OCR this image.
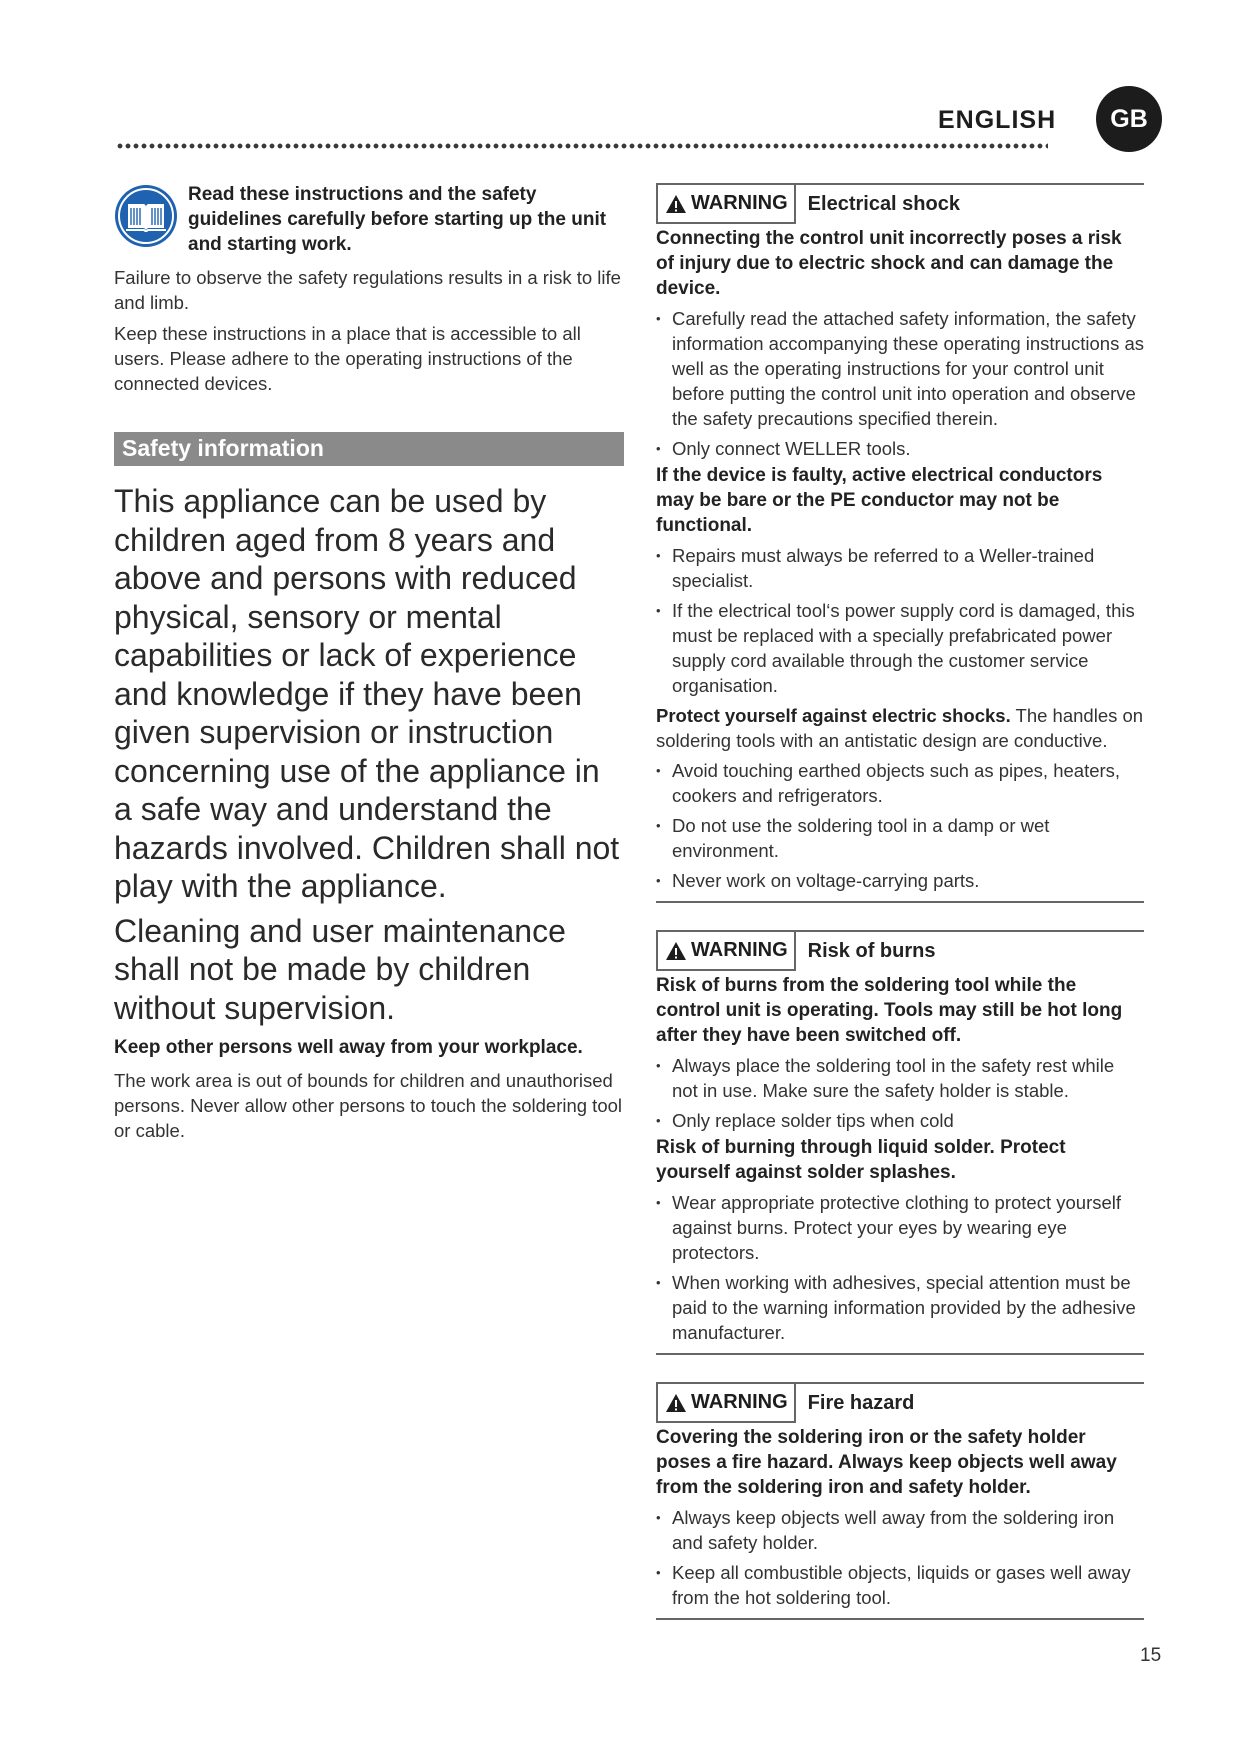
ENGLISH	GB
Read these instructions and the safety guidelines carefully before starting up the unit and starting work.

Failure to observe the safety regulations results in a risk to life and limb.

Keep these instructions in a place that is accessible to all users. Please adhere to the operating instructions of the connected devices.

Safety information
This appliance can be used by children aged from 8 years and above and persons with reduced physical, sensory or mental capabilities or lack of experience and knowledge if they have been given supervision or instruction concerning use of the appliance in a safe way and understand the hazards involved. Children shall not play with the appliance.
Cleaning and user maintenance shall not be made by children without supervision.
Keep other persons well away from your workplace.

The work area is out of bounds for children and unauthorised persons. Never allow other persons to touch the soldering tool or cable.

WARNING	Electrical shock
Connecting the control unit incorrectly poses a risk of injury due to electric shock and can damage the device.
• Carefully read the attached safety information, the safety information accompanying these operating instructions as well as the operating instructions for your control unit before putting the control unit into operation and observe the safety precautions specified therein.
• Only connect WELLER tools.
If the device is faulty, active electrical conductors may be bare or the PE conductor may not be functional.
• Repairs must always be referred to a Weller-trained specialist.
• If the electrical tool‘s power supply cord is damaged, this must be replaced with a specially prefabricated power supply cord available through the customer service organisation.

Protect yourself against electric shocks. The handles on soldering tools with an antistatic design are conductive.

• Avoid touching earthed objects such as pipes, heaters, cookers and refrigerators.
• Do not use the soldering tool in a damp or wet environment.
• Never work on voltage-carrying parts.
WARNING	Risk of burns
Risk of burns from the soldering tool while the control unit is operating. Tools may still be hot long after they have been switched off.
• Always place the soldering tool in the safety rest while not in use. Make sure the safety holder is stable.
• Only replace solder tips when cold
Risk of burning through liquid solder. Protect yourself against solder splashes.
• Wear appropriate protective clothing to protect yourself against burns. Protect your eyes by wearing eye protectors.
• When working with adhesives, special attention must be paid to the warning information provided by the adhesive manufacturer.
WARNING	Fire hazard
Covering the soldering iron or the safety holder poses a fire hazard. Always keep objects well away from the soldering iron and safety holder.
• Always keep objects well away from the soldering iron and safety holder.
• Keep all combustible objects, liquids or gases well away from the hot soldering tool.
15
